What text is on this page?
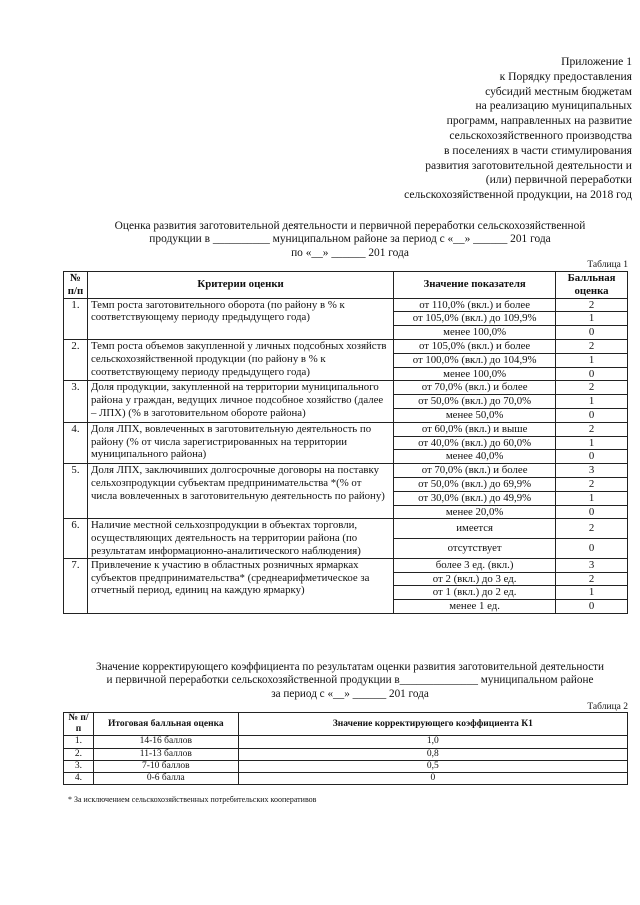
Приложение 1
к Порядку предоставления
субсидий местным бюджетам
на реализацию муниципальных
программ, направленных на развитие
сельскохозяйственного производства
в поселениях в части стимулирования
развития заготовительной деятельности и
(или) первичной переработки
сельскохозяйственной продукции, на 2018 год
Оценка развития заготовительной деятельности и первичной переработки сельскохозяйственной
продукции в __________ муниципальном районе за период с «__» ______ 201 года
по «__» ______ 201 года
Таблица 1
№ п/п	Критерии оценки	Значение показателя	Балльная оценка
1.	Темп роста заготовительного оборота (по району в % к соответствующему периоду предыдущего года)	от 110,0% (вкл.) и более	2
		от 105,0% (вкл.) до 109,9%	1
		менее 100,0%	0
2.	Темп роста объемов закупленной у личных подсобных хозяйств сельскохозяйственной продукции (по району в % к соответствующему периоду предыдущего года)	от 105,0% (вкл.) и более	2
		от 100,0% (вкл.) до 104,9%	1
		менее 100,0%	0
3.	Доля продукции, закупленной на территории муниципального района у граждан, ведущих личное подсобное хозяйство (далее – ЛПХ) (% в заготовительном обороте района)	от 70,0% (вкл.) и более	2
		от 50,0% (вкл.) до 70,0%	1
		менее 50,0%	0
4.	Доля ЛПХ, вовлеченных в заготовительную деятельность по району (% от числа зарегистрированных на территории муниципального района)	от 60,0% (вкл.) и выше	2
		от 40,0% (вкл.) до 60,0%	1
		менее 40,0%	0
5.	Доля ЛПХ, заключивших долгосрочные договоры на поставку сельхозпродукции субъектам предпринимательства *(% от числа вовлеченных в заготовительную деятельность по району)	от 70,0% (вкл.) и более	3
		от 50,0% (вкл.) до 69,9%	2
		от 30,0% (вкл.) до 49,9%	1
		менее 20,0%	0
6.	Наличие местной сельхозпродукции в объектах торговли, осуществляющих деятельность на территории района (по результатам информационно-аналитического наблюдения)	имеется	2
		отсутствует	0
7.	Привлечение к участию в областных розничных ярмарках субъектов предпринимательства* (среднеарифметическое за отчетный период, единиц на каждую ярмарку)	более 3 ед. (вкл.)	3
		от 2 (вкл.) до 3 ед.	2
		от 1 (вкл.) до 2 ед.	1
		менее 1 ед.	0
Значение корректирующего коэффициента по результатам оценки развития заготовительной деятельности
и первичной переработки сельскохозяйственной продукции в______________ муниципальном районе
за период с «__» ______ 201 года
Таблица 2
№ п/п	Итоговая балльная оценка	Значение корректирующего коэффициента К1
1.	14-16 баллов	1,0
2.	11-13 баллов	0,8
3.	7-10 баллов	0,5
4.	0-6 балла	0
* За исключением сельскохозяйственных потребительских кооперативов
